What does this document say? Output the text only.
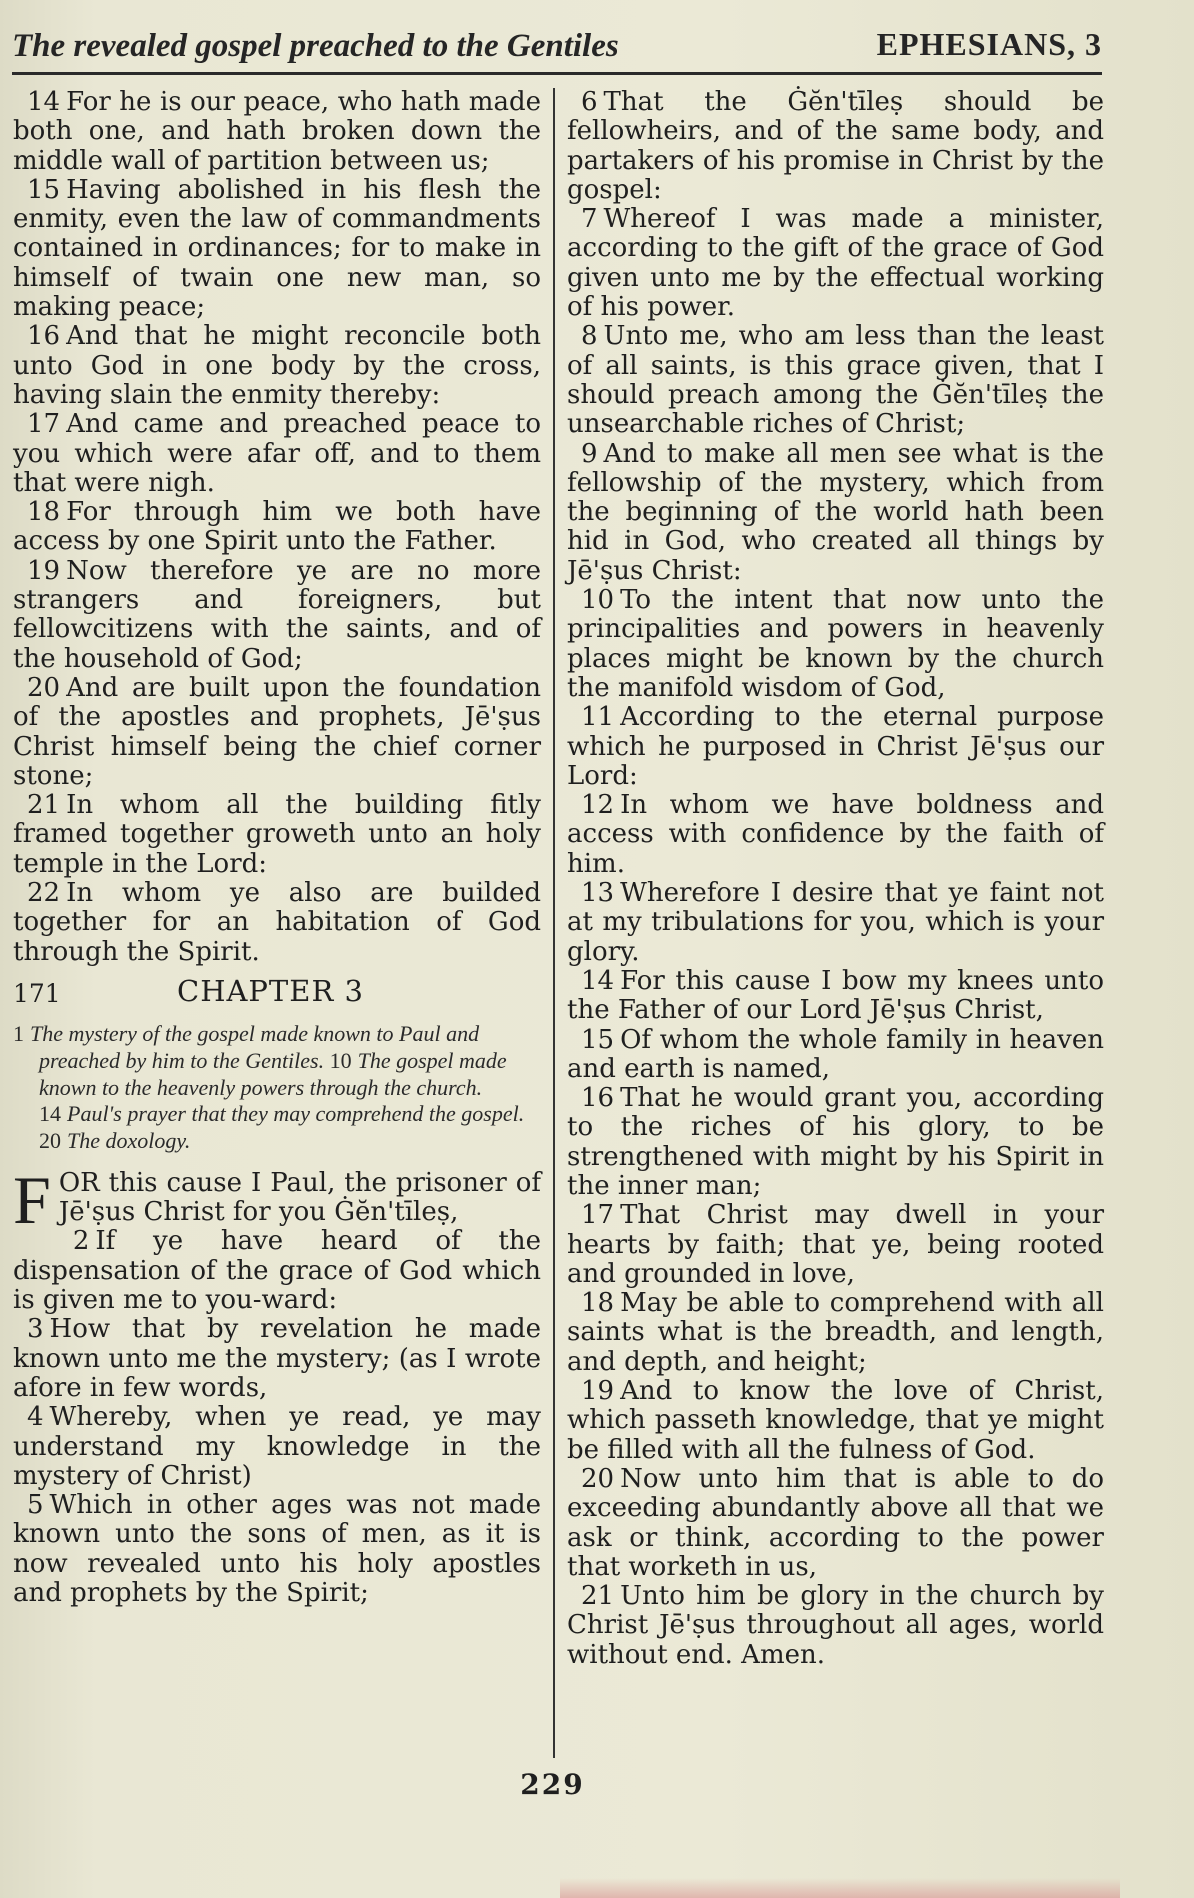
The revealed gospel preached to the Gentiles	EPHESIANS, 3
14 For he is our peace, who hath made both one, and hath broken down the middle wall of partition between us;
15 Having abolished in his flesh the enmity, even the law of commandments contained in ordinances; for to make in himself of twain one new man, so making peace;
16 And that he might reconcile both unto God in one body by the cross, having slain the enmity thereby:
17 And came and preached peace to you which were afar off, and to them that were nigh.
18 For through him we both have access by one Spirit unto the Father.
19 Now therefore ye are no more strangers and foreigners, but fellowcitizens with the saints, and of the household of God;
20 And are built upon the foundation of the apostles and prophets, Jē'ṣus Christ himself being the chief corner stone;
21 In whom all the building fitly framed together groweth unto an holy temple in the Lord:
22 In whom ye also are builded together for an habitation of God through the Spirit.
171	CHAPTER 3
1 The mystery of the gospel made known to Paul and preached by him to the Gentiles. 10 The gospel made known to the heavenly powers through the church. 14 Paul's prayer that they may comprehend the gospel. 20 The doxology.
FOR this cause I Paul, the prisoner of Jē'ṣus Christ for you Ġĕn'tīleṣ,
2 If ye have heard of the dispensation of the grace of God which is given me to you-ward:
3 How that by revelation he made known unto me the mystery; (as I wrote afore in few words,
4 Whereby, when ye read, ye may understand my knowledge in the mystery of Christ)
5 Which in other ages was not made known unto the sons of men, as it is now revealed unto his holy apostles and prophets by the Spirit;
6 That the Ġĕn'tīleṣ should be fellowheirs, and of the same body, and partakers of his promise in Christ by the gospel:
7 Whereof I was made a minister, according to the gift of the grace of God given unto me by the effectual working of his power.
8 Unto me, who am less than the least of all saints, is this grace given, that I should preach among the Ġĕn'tīleṣ the unsearchable riches of Christ;
9 And to make all men see what is the fellowship of the mystery, which from the beginning of the world hath been hid in God, who created all things by Jē'ṣus Christ:
10 To the intent that now unto the principalities and powers in heavenly places might be known by the church the manifold wisdom of God,
11 According to the eternal purpose which he purposed in Christ Jē'ṣus our Lord:
12 In whom we have boldness and access with confidence by the faith of him.
13 Wherefore I desire that ye faint not at my tribulations for you, which is your glory.
14 For this cause I bow my knees unto the Father of our Lord Jē'ṣus Christ,
15 Of whom the whole family in heaven and earth is named,
16 That he would grant you, according to the riches of his glory, to be strengthened with might by his Spirit in the inner man;
17 That Christ may dwell in your hearts by faith; that ye, being rooted and grounded in love,
18 May be able to comprehend with all saints what is the breadth, and length, and depth, and height;
19 And to know the love of Christ, which passeth knowledge, that ye might be filled with all the fulness of God.
20 Now unto him that is able to do exceeding abundantly above all that we ask or think, according to the power that worketh in us,
21 Unto him be glory in the church by Christ Jē'ṣus throughout all ages, world without end. Amen.
229
